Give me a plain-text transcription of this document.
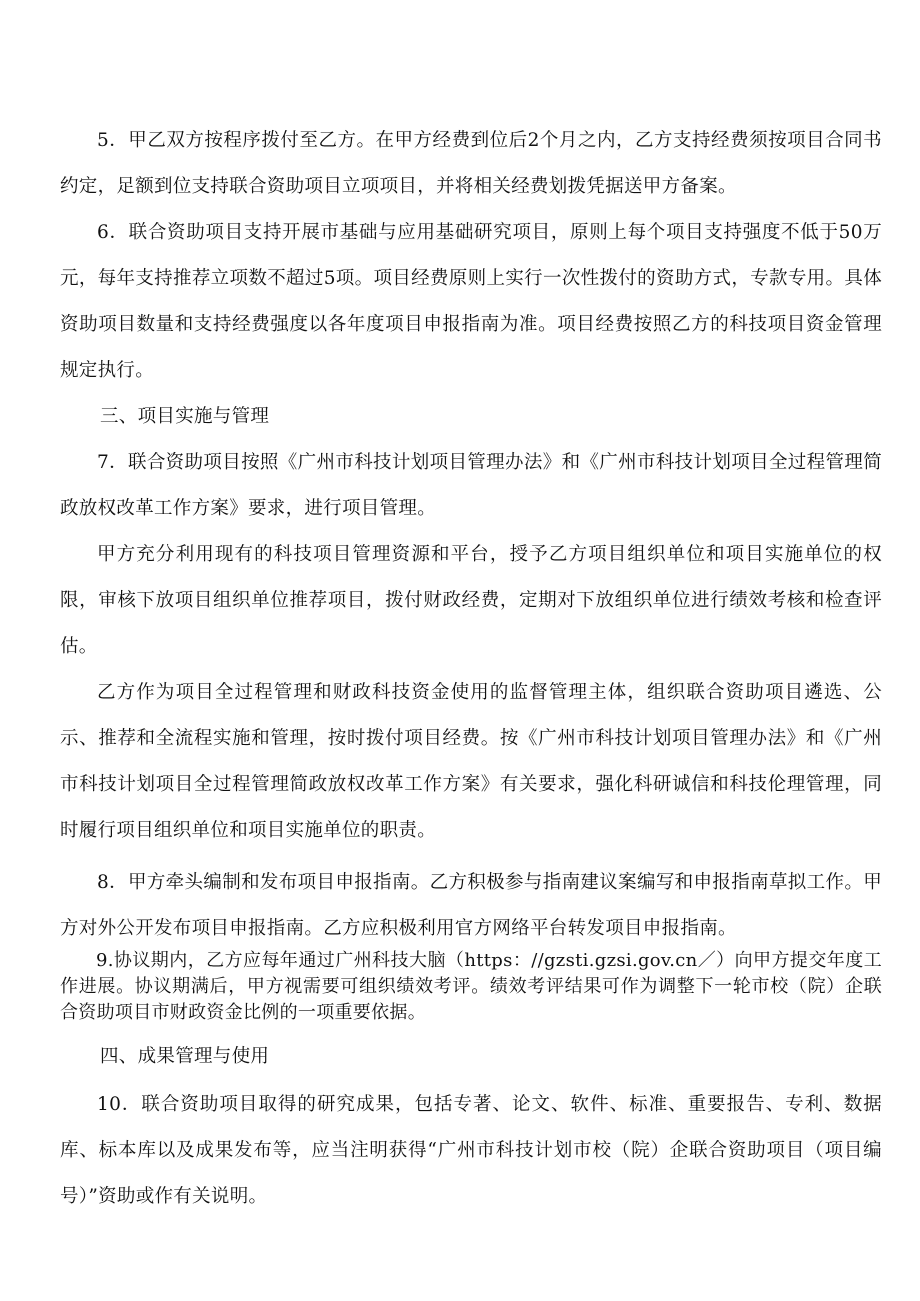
5．甲乙双方按程序拨付至乙方。在甲方经费到位后2个月之内，乙方支持经费须按项目合同书约定，足额到位支持联合资助项目立项项目，并将相关经费划拨凭据送甲方备案。

6．联合资助项目支持开展市基础与应用基础研究项目，原则上每个项目支持强度不低于50万元，每年支持推荐立项数不超过5项。项目经费原则上实行一次性拨付的资助方式，专款专用。具体资助项目数量和支持经费强度以各年度项目申报指南为准。项目经费按照乙方的科技项目资金管理规定执行。

三、项目实施与管理

7．联合资助项目按照《广州市科技计划项目管理办法》和《广州市科技计划项目全过程管理简政放权改革工作方案》要求，进行项目管理。

甲方充分利用现有的科技项目管理资源和平台，授予乙方项目组织单位和项目实施单位的权限，审核下放项目组织单位推荐项目，拨付财政经费，定期对下放组织单位进行绩效考核和检查评估。

乙方作为项目全过程管理和财政科技资金使用的监督管理主体，组织联合资助项目遴选、公示、推荐和全流程实施和管理，按时拨付项目经费。按《广州市科技计划项目管理办法》和《广州市科技计划项目全过程管理简政放权改革工作方案》有关要求，强化科研诚信和科技伦理管理，同时履行项目组织单位和项目实施单位的职责。

8．甲方牵头编制和发布项目申报指南。乙方积极参与指南建议案编写和申报指南草拟工作。甲方对外公开发布项目申报指南。乙方应积极利用官方网络平台转发项目申报指南。

9.协议期内，乙方应每年通过广州科技大脑（https：//gzsti.gzsi.gov.cn／）向甲方提交年度工作进展。协议期满后，甲方视需要可组织绩效考评。绩效考评结果可作为调整下一轮市校（院）企联合资助项目市财政资金比例的一项重要依据。

四、成果管理与使用

10．联合资助项目取得的研究成果，包括专著、论文、软件、标准、重要报告、专利、数据库、标本库以及成果发布等，应当注明获得“广州市科技计划市校（院）企联合资助项目（项目编号）”资助或作有关说明。
